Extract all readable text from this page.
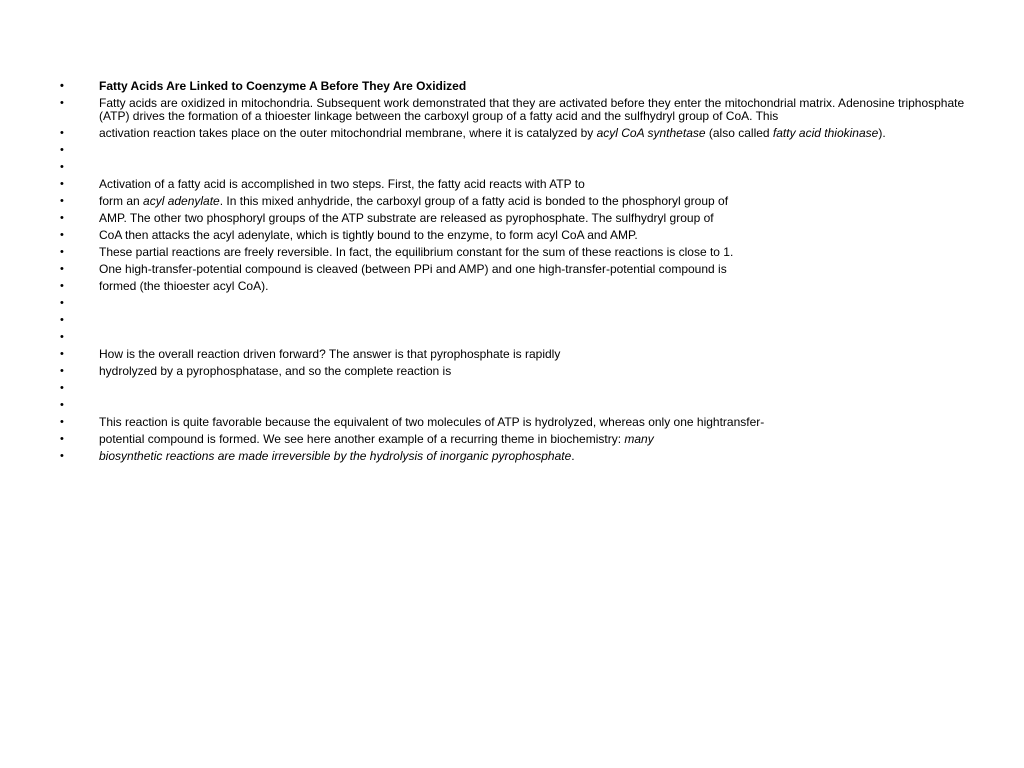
• Fatty Acids Are Linked to Coenzyme A Before They Are Oxidized
• Fatty acids are oxidized in mitochondria. Subsequent work demonstrated that they are activated before they enter the mitochondrial matrix. Adenosine triphosphate (ATP) drives the formation of a thioester linkage between the carboxyl group of a fatty acid and the sulfhydryl group of CoA. This
• activation reaction takes place on the outer mitochondrial membrane, where it is catalyzed by acyl CoA synthetase (also called fatty acid thiokinase).
•
•
• Activation of a fatty acid is accomplished in two steps. First, the fatty acid reacts with ATP to
• form an acyl adenylate. In this mixed anhydride, the carboxyl group of a fatty acid is bonded to the phosphoryl group of
• AMP. The other two phosphoryl groups of the ATP substrate are released as pyrophosphate. The sulfhydryl group of
• CoA then attacks the acyl adenylate, which is tightly bound to the enzyme, to form acyl CoA and AMP.
• These partial reactions are freely reversible. In fact, the equilibrium constant for the sum of these reactions is close to 1.
• One high-transfer-potential compound is cleaved (between PPi and AMP) and one high-transfer-potential compound is
• formed (the thioester acyl CoA).
•
•
•
• How is the overall reaction driven forward? The answer is that pyrophosphate is rapidly
• hydrolyzed by a pyrophosphatase, and so the complete reaction is
•
•
• This reaction is quite favorable because the equivalent of two molecules of ATP is hydrolyzed, whereas only one hightransfer-
• potential compound is formed. We see here another example of a recurring theme in biochemistry: many
• biosynthetic reactions are made irreversible by the hydrolysis of inorganic pyrophosphate.
